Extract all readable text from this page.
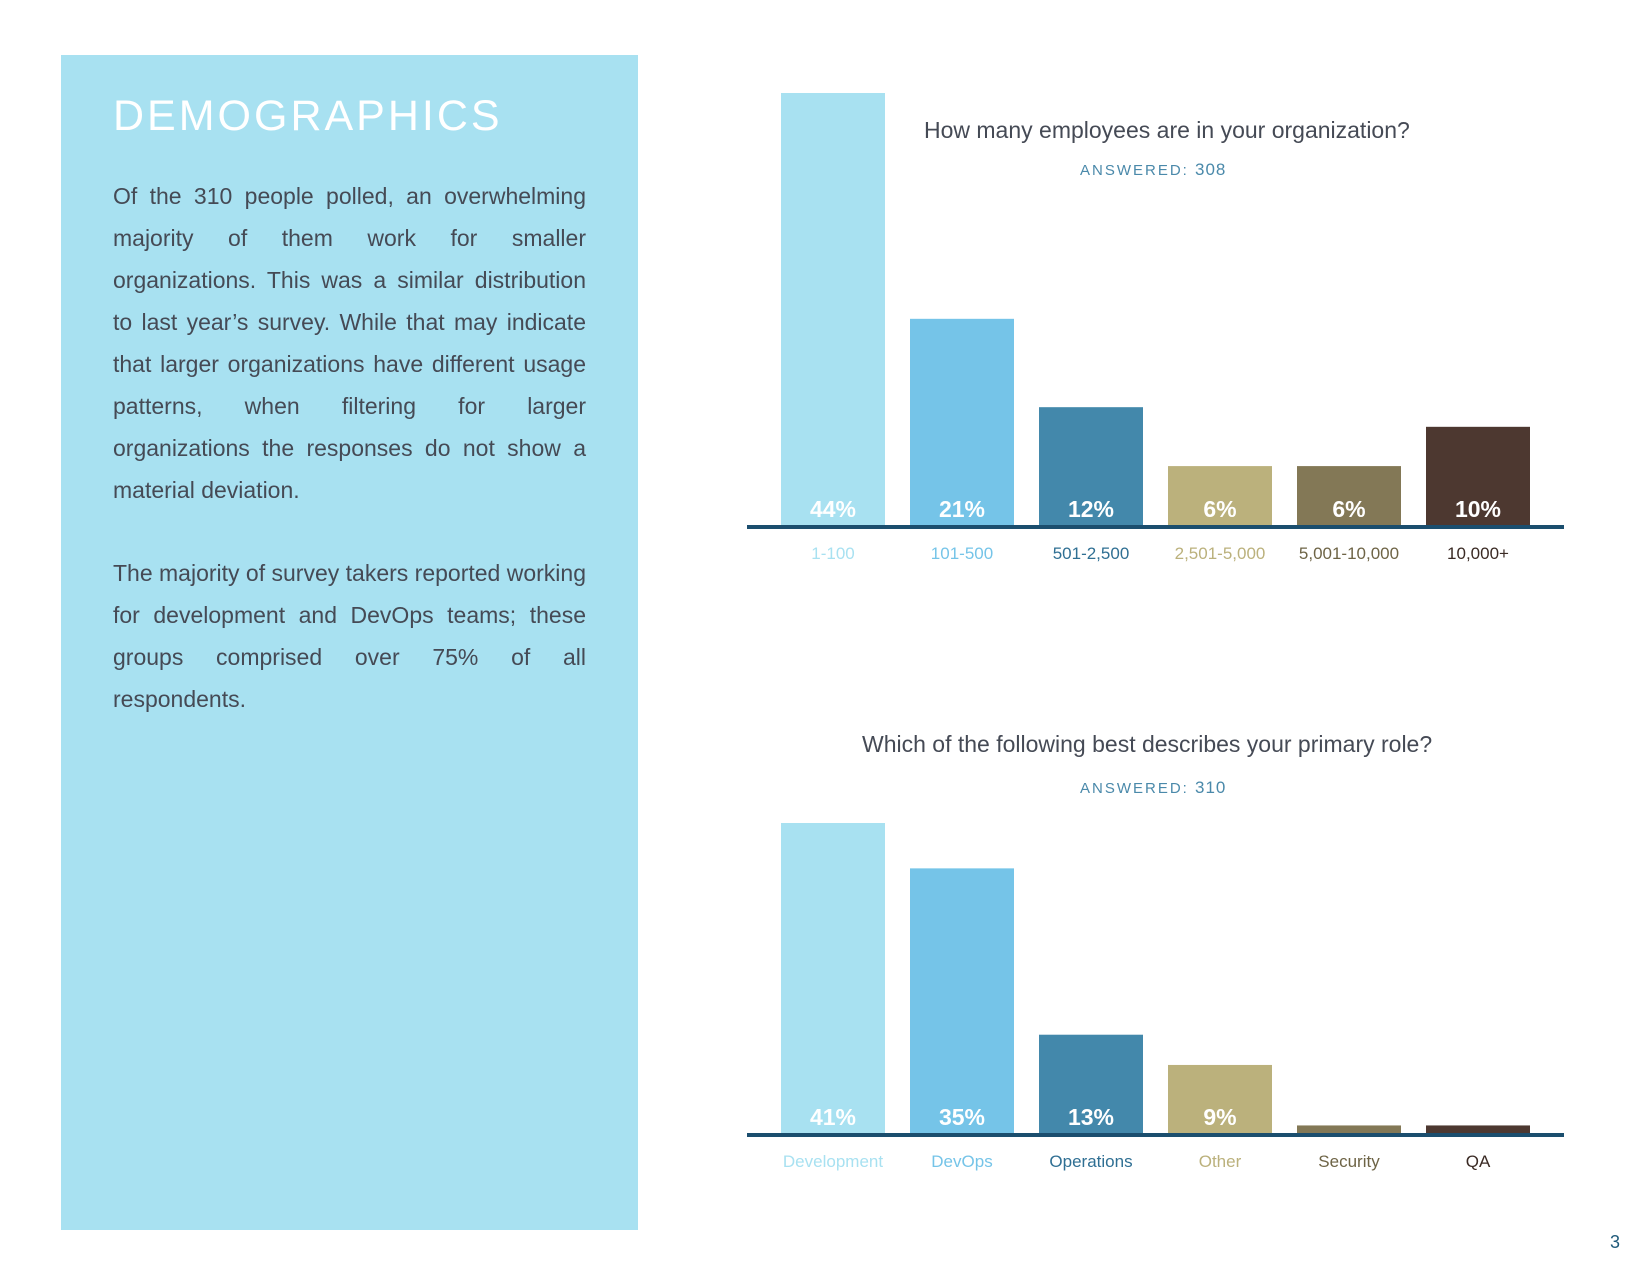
DEMOGRAPHICS

Of the 310 people polled, an overwhelming majority of them work for smaller organizations. This was a similar distribution to last year’s survey. While that may indicate that larger organizations have different usage patterns, when filtering for larger organizations the responses do not show a material deviation.

The majority of survey takers reported working for development and DevOps teams; these groups comprised over 75% of all respondents.

44%
1-100
21%
101-500
12%
501-2,500
6%
2,501-5,000
6%
5,001-10,000
10%
10,000+
How many employees are in your organization?
ANSWERED: 308
41%
Development
35%
DevOps
13%
Operations
9%
Other
1%
Security
1%
QA
Which of the following best describes your primary role?
ANSWERED: 310
3
